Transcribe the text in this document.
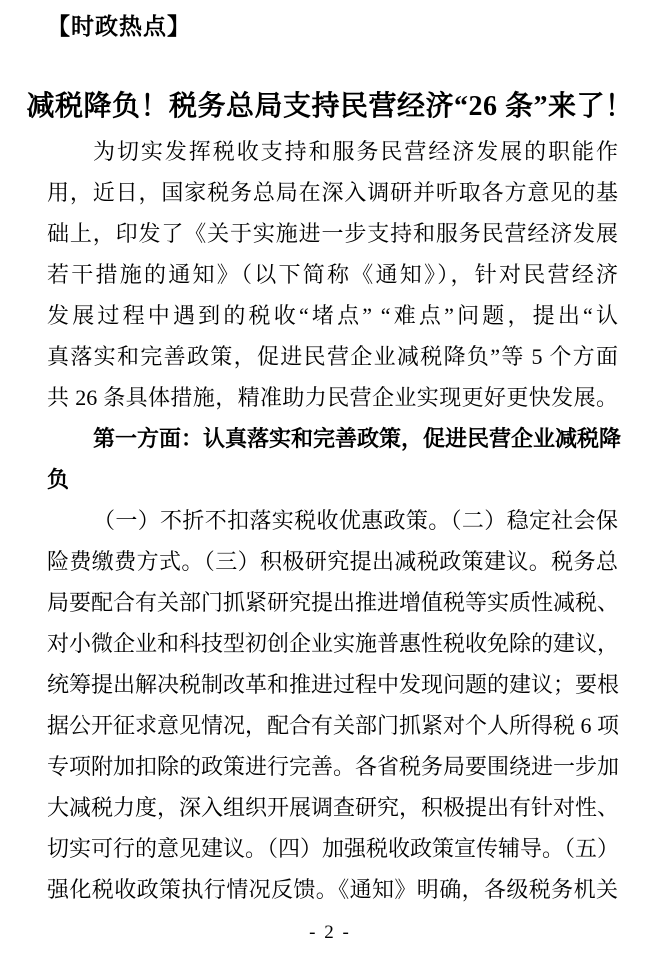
【时政热点】
减税降负！税务总局支持民营经济“26 条”来了！
为切实发挥税收支持和服务民营经济发展的职能作
用，近日，国家税务总局在深入调研并听取各方意见的基
础上，印发了《关于实施进一步支持和服务民营经济发展
若干措施的通知》（以下简称《通知》），针对民营经济
发展过程中遇到的税收“堵点” “难点”问题，提出“认
真落实和完善政策，促进民营企业减税降负”等 5 个方面
共 26 条具体措施，精准助力民营企业实现更好更快发展。
第一方面：认真落实和完善政策，促进民营企业减税降
负
（一）不折不扣落实税收优惠政策。（二）稳定社会保
险费缴费方式。（三）积极研究提出减税政策建议。税务总
局要配合有关部门抓紧研究提出推进增值税等实质性减税、
对小微企业和科技型初创企业实施普惠性税收免除的建议，
统筹提出解决税制改革和推进过程中发现问题的建议；要根
据公开征求意见情况，配合有关部门抓紧对个人所得税 6 项
专项附加扣除的政策进行完善。各省税务局要围绕进一步加
大减税力度，深入组织开展调查研究，积极提出有针对性、
切实可行的意见建议。（四）加强税收政策宣传辅导。（五）
强化税收政策执行情况反馈。《通知》明确，各级税务机关
- 2 -
